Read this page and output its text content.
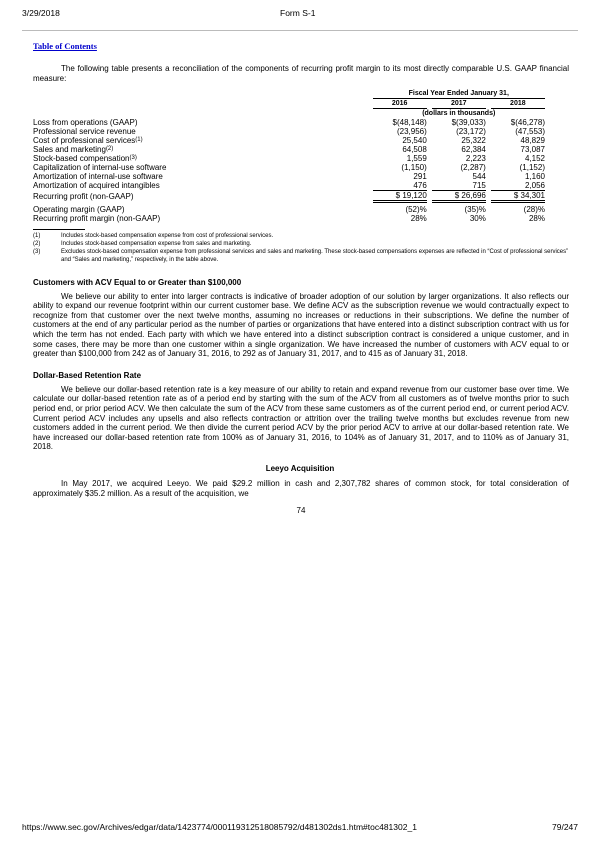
3/29/2018	Form S-1
Table of Contents

The following table presents a reconciliation of the components of recurring profit margin to its most directly comparable U.S. GAAP financial measure:

	Fiscal Year Ended January 31,				
	2016		2017		2018
	(dollars in thousands)				
Loss from operations (GAAP)	$(48,148)		$(39,033)		$(46,278)
Professional service revenue	(23,956)		(23,172)		(47,553)
Cost of professional services$^{(1)}$	25,540		25,322		48,829
Sales and marketing$^{(2)}$	64,508		62,384		73,087
Stock-based compensation$^{(3)}$	1,559		2,223		4,152
Capitalization of internal-use software	(1,150)		(2,287)		(1,152)
Amortization of internal-use software	291		544		1,160
Amortization of acquired intangibles	476		715		2,056
Recurring profit (non-GAAP)	$ 19,120		$ 26,696		$ 34,301
Operating margin (GAAP)	(52)%		(35)%		(28)%
Recurring profit margin (non-GAAP)	28%		30%		28%
(1)	Includes stock-based compensation expense from cost of professional services.
(2)	Includes stock-based compensation expense from sales and marketing.
(3)	Excludes stock-based compensation expense from professional services and sales and marketing. These stock-based compensations expenses are reflected in “Cost of professional services” and “Sales and marketing,” respectively, in the table above.
Customers with ACV Equal to or Greater than $100,000

We believe our ability to enter into larger contracts is indicative of broader adoption of our solution by larger organizations. It also reflects our ability to expand our revenue footprint within our current customer base. We define ACV as the subscription revenue we would contractually expect to recognize from that customer over the next twelve months, assuming no increases or reductions in their subscriptions. We define the number of customers at the end of any particular period as the number of parties or organizations that have entered into a distinct subscription contract with us for which the term has not ended. Each party with which we have entered into a distinct subscription contract is considered a unique customer, and in some cases, there may be more than one customer within a single organization. We have increased the number of customers with ACV equal to or greater than $100,000 from 242 as of January 31, 2016, to 292 as of January 31, 2017, and to 415 as of January 31, 2018.

Dollar-Based Retention Rate

We believe our dollar-based retention rate is a key measure of our ability to retain and expand revenue from our customer base over time. We calculate our dollar-based retention rate as of a period end by starting with the sum of the ACV from all customers as of twelve months prior to such period end, or prior period ACV. We then calculate the sum of the ACV from these same customers as of the current period end, or current period ACV. Current period ACV includes any upsells and also reflects contraction or attrition over the trailing twelve months but excludes revenue from new customers added in the current period. We then divide the current period ACV by the prior period ACV to arrive at our dollar-based retention rate. We have increased our dollar-based retention rate from 100% as of January 31, 2016, to 104% as of January 31, 2017, and to 110% as of January 31, 2018.

Leeyo Acquisition

In May 2017, we acquired Leeyo. We paid $29.2 million in cash and 2,307,782 shares of common stock, for total consideration of approximately $35.2 million. As a result of the acquisition, we

74
https://www.sec.gov/Archives/edgar/data/1423774/000119312518085792/d481302ds1.htm#toc481302_1	79/247
